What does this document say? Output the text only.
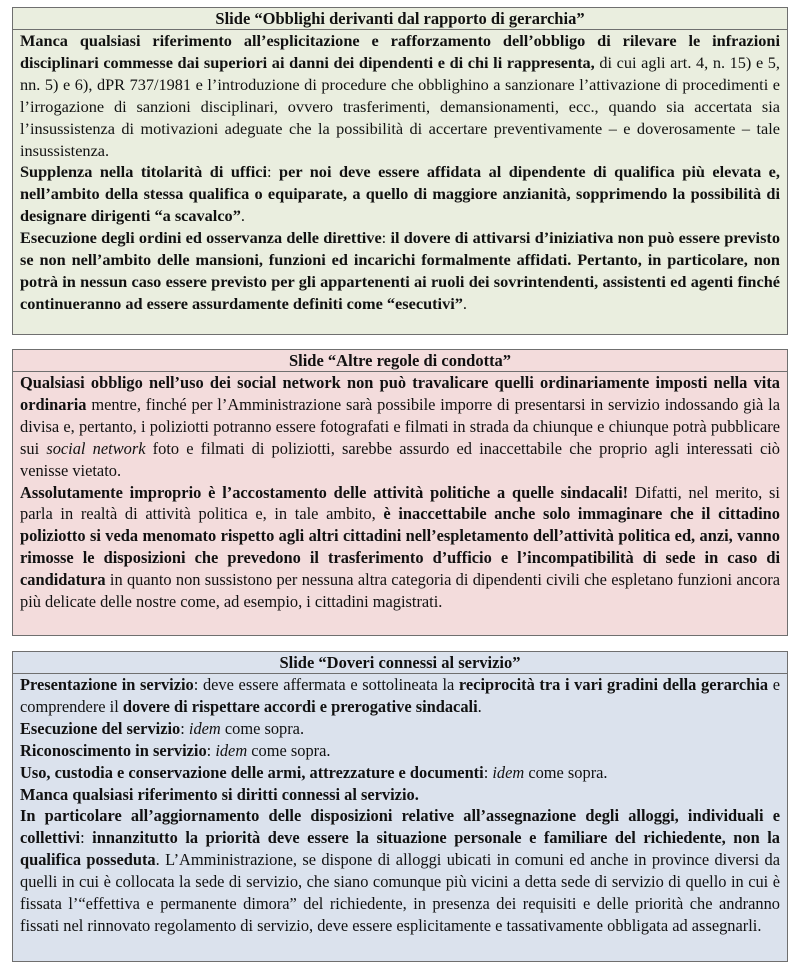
Slide “Obblighi derivanti dal rapporto di gerarchia”

Manca qualsiasi riferimento all’esplicitazione e rafforzamento dell’obbligo di rilevare le infrazioni disciplinari commesse dai superiori ai danni dei dipendenti e di chi li rappresenta, di cui agli art. 4, n. 15) e 5, nn. 5) e 6), dPR 737/1981 e l’introduzione di procedure che obblighino a sanzionare l’attivazione di procedimenti e l’irrogazione di sanzioni disciplinari, ovvero trasferimenti, demansionamenti, ecc., quando sia accertata sia l’insussistenza di motivazioni adeguate che la possibilità di accertare preventivamente – e doverosamente – tale insussistenza.

Supplenza nella titolarità di uffici: per noi deve essere affidata al dipendente di qualifica più elevata e, nell’ambito della stessa qualifica o equiparate, a quello di maggiore anzianità, sopprimendo la possibilità di designare dirigenti “a scavalco”.

Esecuzione degli ordini ed osservanza delle direttive: il dovere di attivarsi d’iniziativa non può essere previsto se non nell’ambito delle mansioni, funzioni ed incarichi formalmente affidati. Pertanto, in particolare, non potrà in nessun caso essere previsto per gli appartenenti ai ruoli dei sovrintendenti, assistenti ed agenti finché continueranno ad essere assurdamente definiti come “esecutivi”.

Slide “Altre regole di condotta”

Qualsiasi obbligo nell’uso dei social network non può travalicare quelli ordinariamente imposti nella vita ordinaria mentre, finché per l’Amministrazione sarà possibile imporre di presentarsi in servizio indossando già la divisa e, pertanto, i poliziotti potranno essere fotografati e filmati in strada da chiunque e chiunque potrà pubblicare sui social network foto e filmati di poliziotti, sarebbe assurdo ed inaccettabile che proprio agli interessati ciò venisse vietato.

Assolutamente improprio è l’accostamento delle attività politiche a quelle sindacali! Difatti, nel merito, si parla in realtà di attività politica e, in tale ambito, è inaccettabile anche solo immaginare che il cittadino poliziotto si veda menomato rispetto agli altri cittadini nell’espletamento dell’attività politica ed, anzi, vanno rimosse le disposizioni che prevedono il trasferimento d’ufficio e l’incompatibilità di sede in caso di candidatura in quanto non sussistono per nessuna altra categoria di dipendenti civili che espletano funzioni ancora più delicate delle nostre come, ad esempio, i cittadini magistrati.

Slide “Doveri connessi al servizio”

Presentazione in servizio: deve essere affermata e sottolineata la reciprocità tra i vari gradini della gerarchia e comprendere il dovere di rispettare accordi e prerogative sindacali.

Esecuzione del servizio: idem come sopra.

Riconoscimento in servizio: idem come sopra.

Uso, custodia e conservazione delle armi, attrezzature e documenti: idem come sopra.

Manca qualsiasi riferimento si diritti connessi al servizio.

In particolare all’aggiornamento delle disposizioni relative all’assegnazione degli alloggi, individuali e collettivi: innanzitutto la priorità deve essere la situazione personale e familiare del richiedente, non la qualifica posseduta. L’Amministrazione, se dispone di alloggi ubicati in comuni ed anche in province diversi da quelli in cui è collocata la sede di servizio, che siano comunque più vicini a detta sede di servizio di quello in cui è fissata l’“effettiva e permanente dimora” del richiedente, in presenza dei requisiti e delle priorità che andranno fissati nel rinnovato regolamento di servizio, deve essere esplicitamente e tassativamente obbligata ad assegnarli.
